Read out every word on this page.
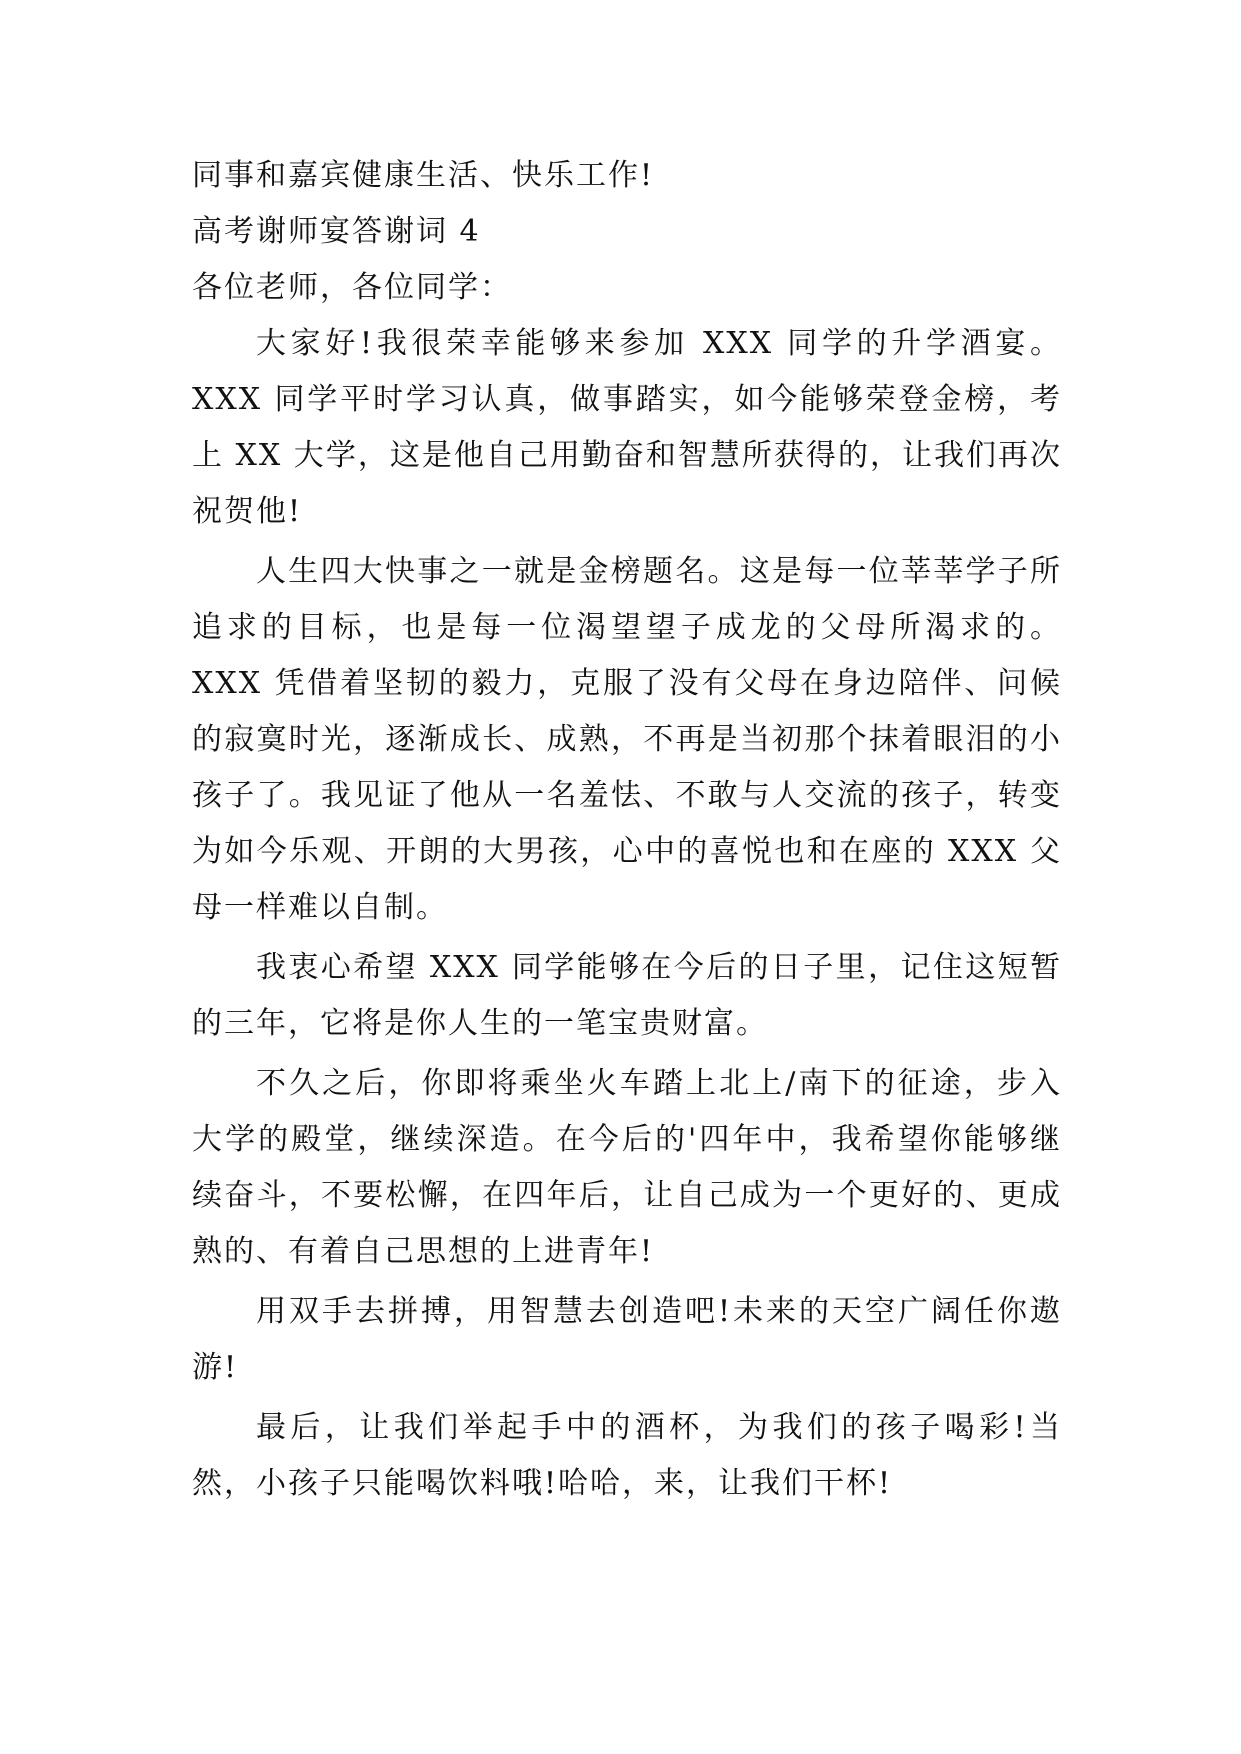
同事和嘉宾健康生活、快乐工作!
高考谢师宴答谢词 4
各位老师，各位同学：

大家好!我很荣幸能够来参加 XXX 同学的升学酒宴。XXX 同学平时学习认真，做事踏实，如今能够荣登金榜，考上 XX 大学，这是他自己用勤奋和智慧所获得的，让我们再次祝贺他!

人生四大快事之一就是金榜题名。这是每一位莘莘学子所追求的目标，也是每一位渴望望子成龙的父母所渴求的。XXX 凭借着坚韧的毅力，克服了没有父母在身边陪伴、问候的寂寞时光，逐渐成长、成熟，不再是当初那个抹着眼泪的小孩子了。我见证了他从一名羞怯、不敢与人交流的孩子，转变为如今乐观、开朗的大男孩，心中的喜悦也和在座的 XXX 父母一样难以自制。

我衷心希望 XXX 同学能够在今后的日子里，记住这短暂的三年，它将是你人生的一笔宝贵财富。

不久之后，你即将乘坐火车踏上北上/南下的征途，步入大学的殿堂，继续深造。在今后的'四年中，我希望你能够继续奋斗，不要松懈，在四年后，让自己成为一个更好的、更成熟的、有着自己思想的上进青年!

用双手去拼搏，用智慧去创造吧!未来的天空广阔任你遨游!

最后，让我们举起手中的酒杯，为我们的孩子喝彩!当然，小孩子只能喝饮料哦!哈哈，来，让我们干杯!
